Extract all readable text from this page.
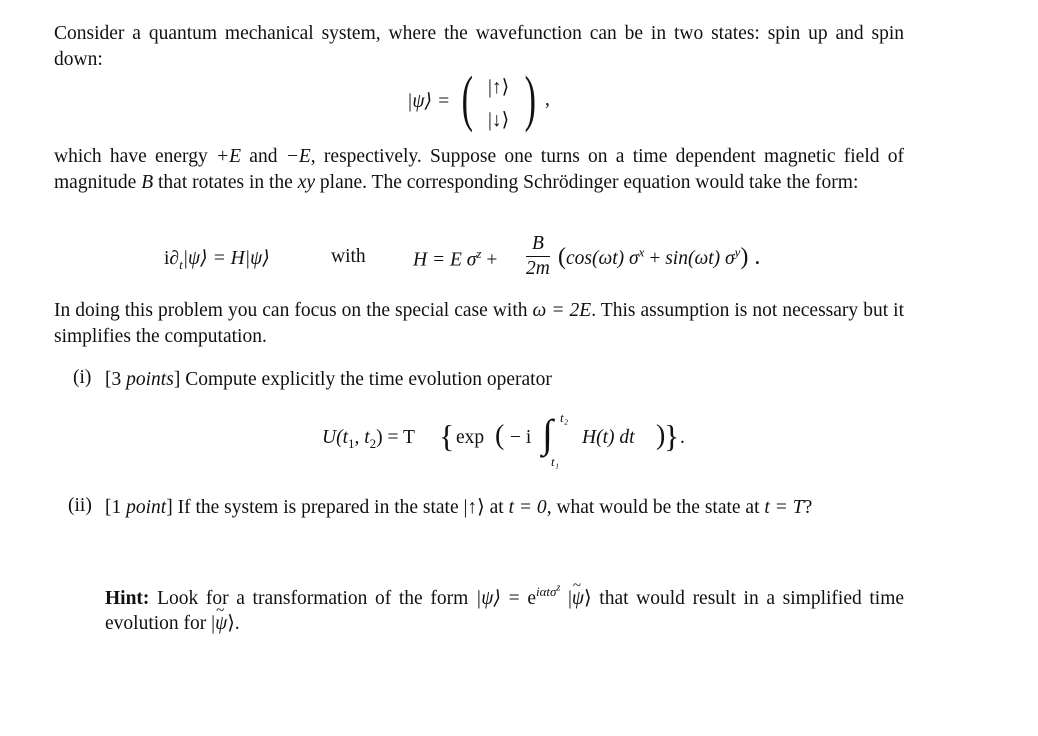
Consider a quantum mechanical system, where the wavefunction can be in two states: spin up and spin down:

|ψ⟩ = ( |↑⟩
|↓⟩ ) ,

which have energy +E and −E, respectively. Suppose one turns on a time dependent magnetic field of magnitude B that rotates in the xy plane. The corresponding Schrödinger equation would take the form:

$i\partial_t|\psi⟩$ = H|ψ⟩	with H = E $\sigma^z + \frac{B}{2m} (\cos(\omega t) \sigma^x + \sin(\omega t)$ $\sigma^y$) .

In doing this problem you can focus on the special case with ω = 2E. This assumption is not necessary but it simplifies the computation.

(i) [3 points] Compute explicitly the time evolution operator

$U(t_1$, $t_2) = T$ { exp ( − i ∫ t₂
t₁
H(t) dt )
} .
(ii) [1 point] If the system is prepared in the state |↑⟩ at t = 0, what would be the state at t = T?

Hint: Look for a transformation of the form |ψ⟩ = $e^{i\alpha t\sigma^z}$ |~ ψ⟩ that would result in a simplified time evolution for |~ ψ⟩.
